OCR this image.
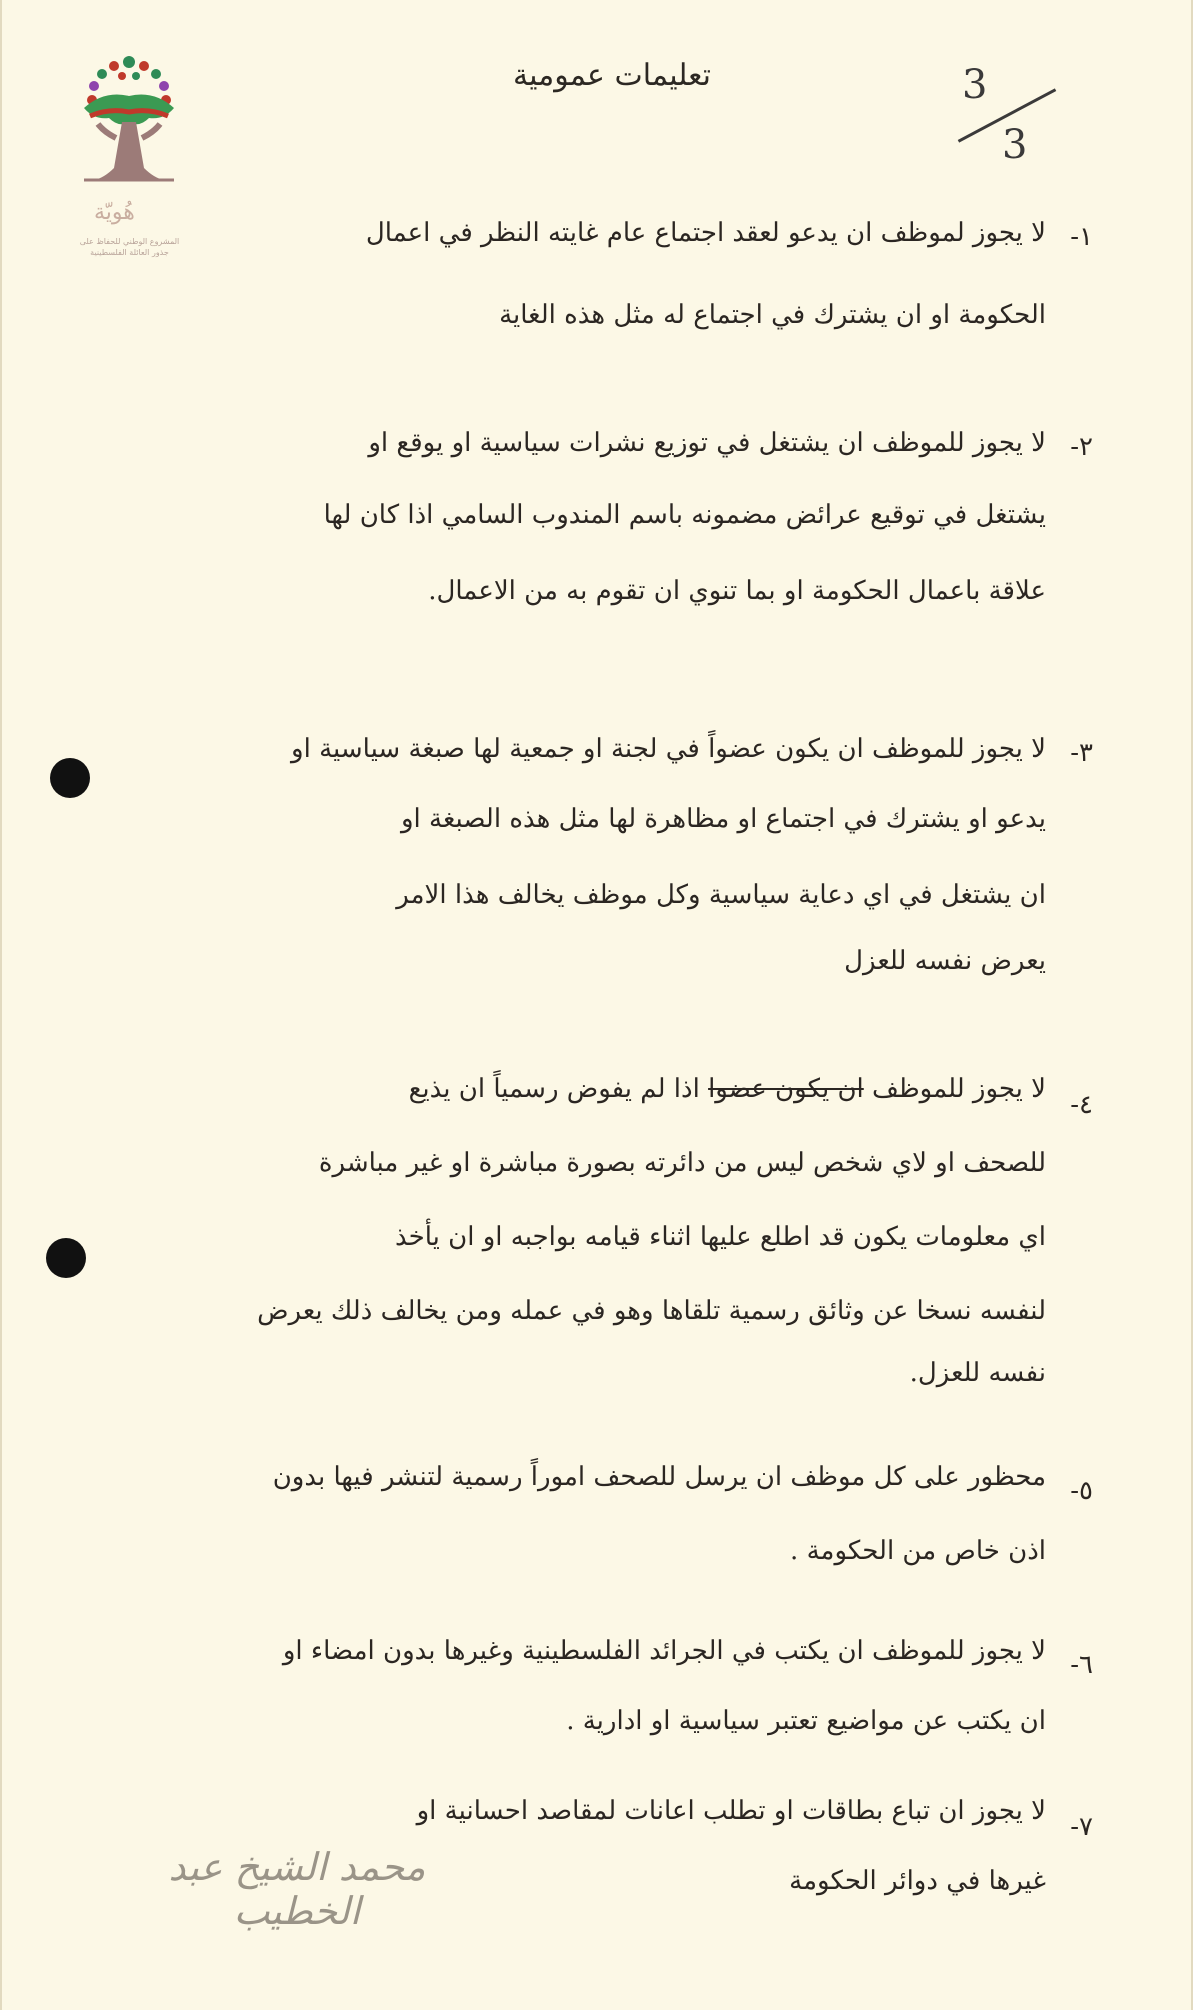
هُويّة
المشروع الوطني للحفاظ على
جذور العائلة الفلسطينية
3
3
تعليمات عمومية
١-
لا يجوز لموظف ان يدعو لعقد اجتماع عام غايته النظر في اعمال
الحكومة او ان يشترك في اجتماع له مثل هذه الغاية
٢-
لا يجوز للموظف ان يشتغل في توزيع نشرات سياسية او يوقع او
يشتغل في توقيع عرائض مضمونه باسم المندوب السامي اذا كان لها
علاقة باعمال الحكومة او بما تنوي ان تقوم به من الاعمال.
٣-
لا يجوز للموظف ان يكون عضواً في لجنة او جمعية لها صبغة سياسية او
يدعو او يشترك في اجتماع او مظاهرة لها مثل هذه الصبغة او
ان يشتغل في اي دعاية سياسية وكل موظف يخالف هذا الامر
يعرض نفسه للعزل
٤-
لا يجوز للموظف ان يكون عضوا اذا لم يفوض رسمياً ان يذيع
للصحف او لاي شخص ليس من دائرته بصورة مباشرة او غير مباشرة
اي معلومات يكون قد اطلع عليها اثناء قيامه بواجبه او ان يأخذ
لنفسه نسخا عن وثائق رسمية تلقاها وهو في عمله ومن يخالف ذلك يعرض
نفسه للعزل.
٥-
محظور على كل موظف ان يرسل للصحف اموراً رسمية لتنشر فيها بدون
اذن خاص من الحكومة .
٦-
لا يجوز للموظف ان يكتب في الجرائد الفلسطينية وغيرها بدون امضاء او
ان يكتب عن مواضيع تعتبر سياسية او ادارية .
٧-
لا يجوز ان تباع بطاقات او تطلب اعانات لمقاصد احسانية او
غيرها في دوائر الحكومة
محمد الشيخ عبد الخطيب
